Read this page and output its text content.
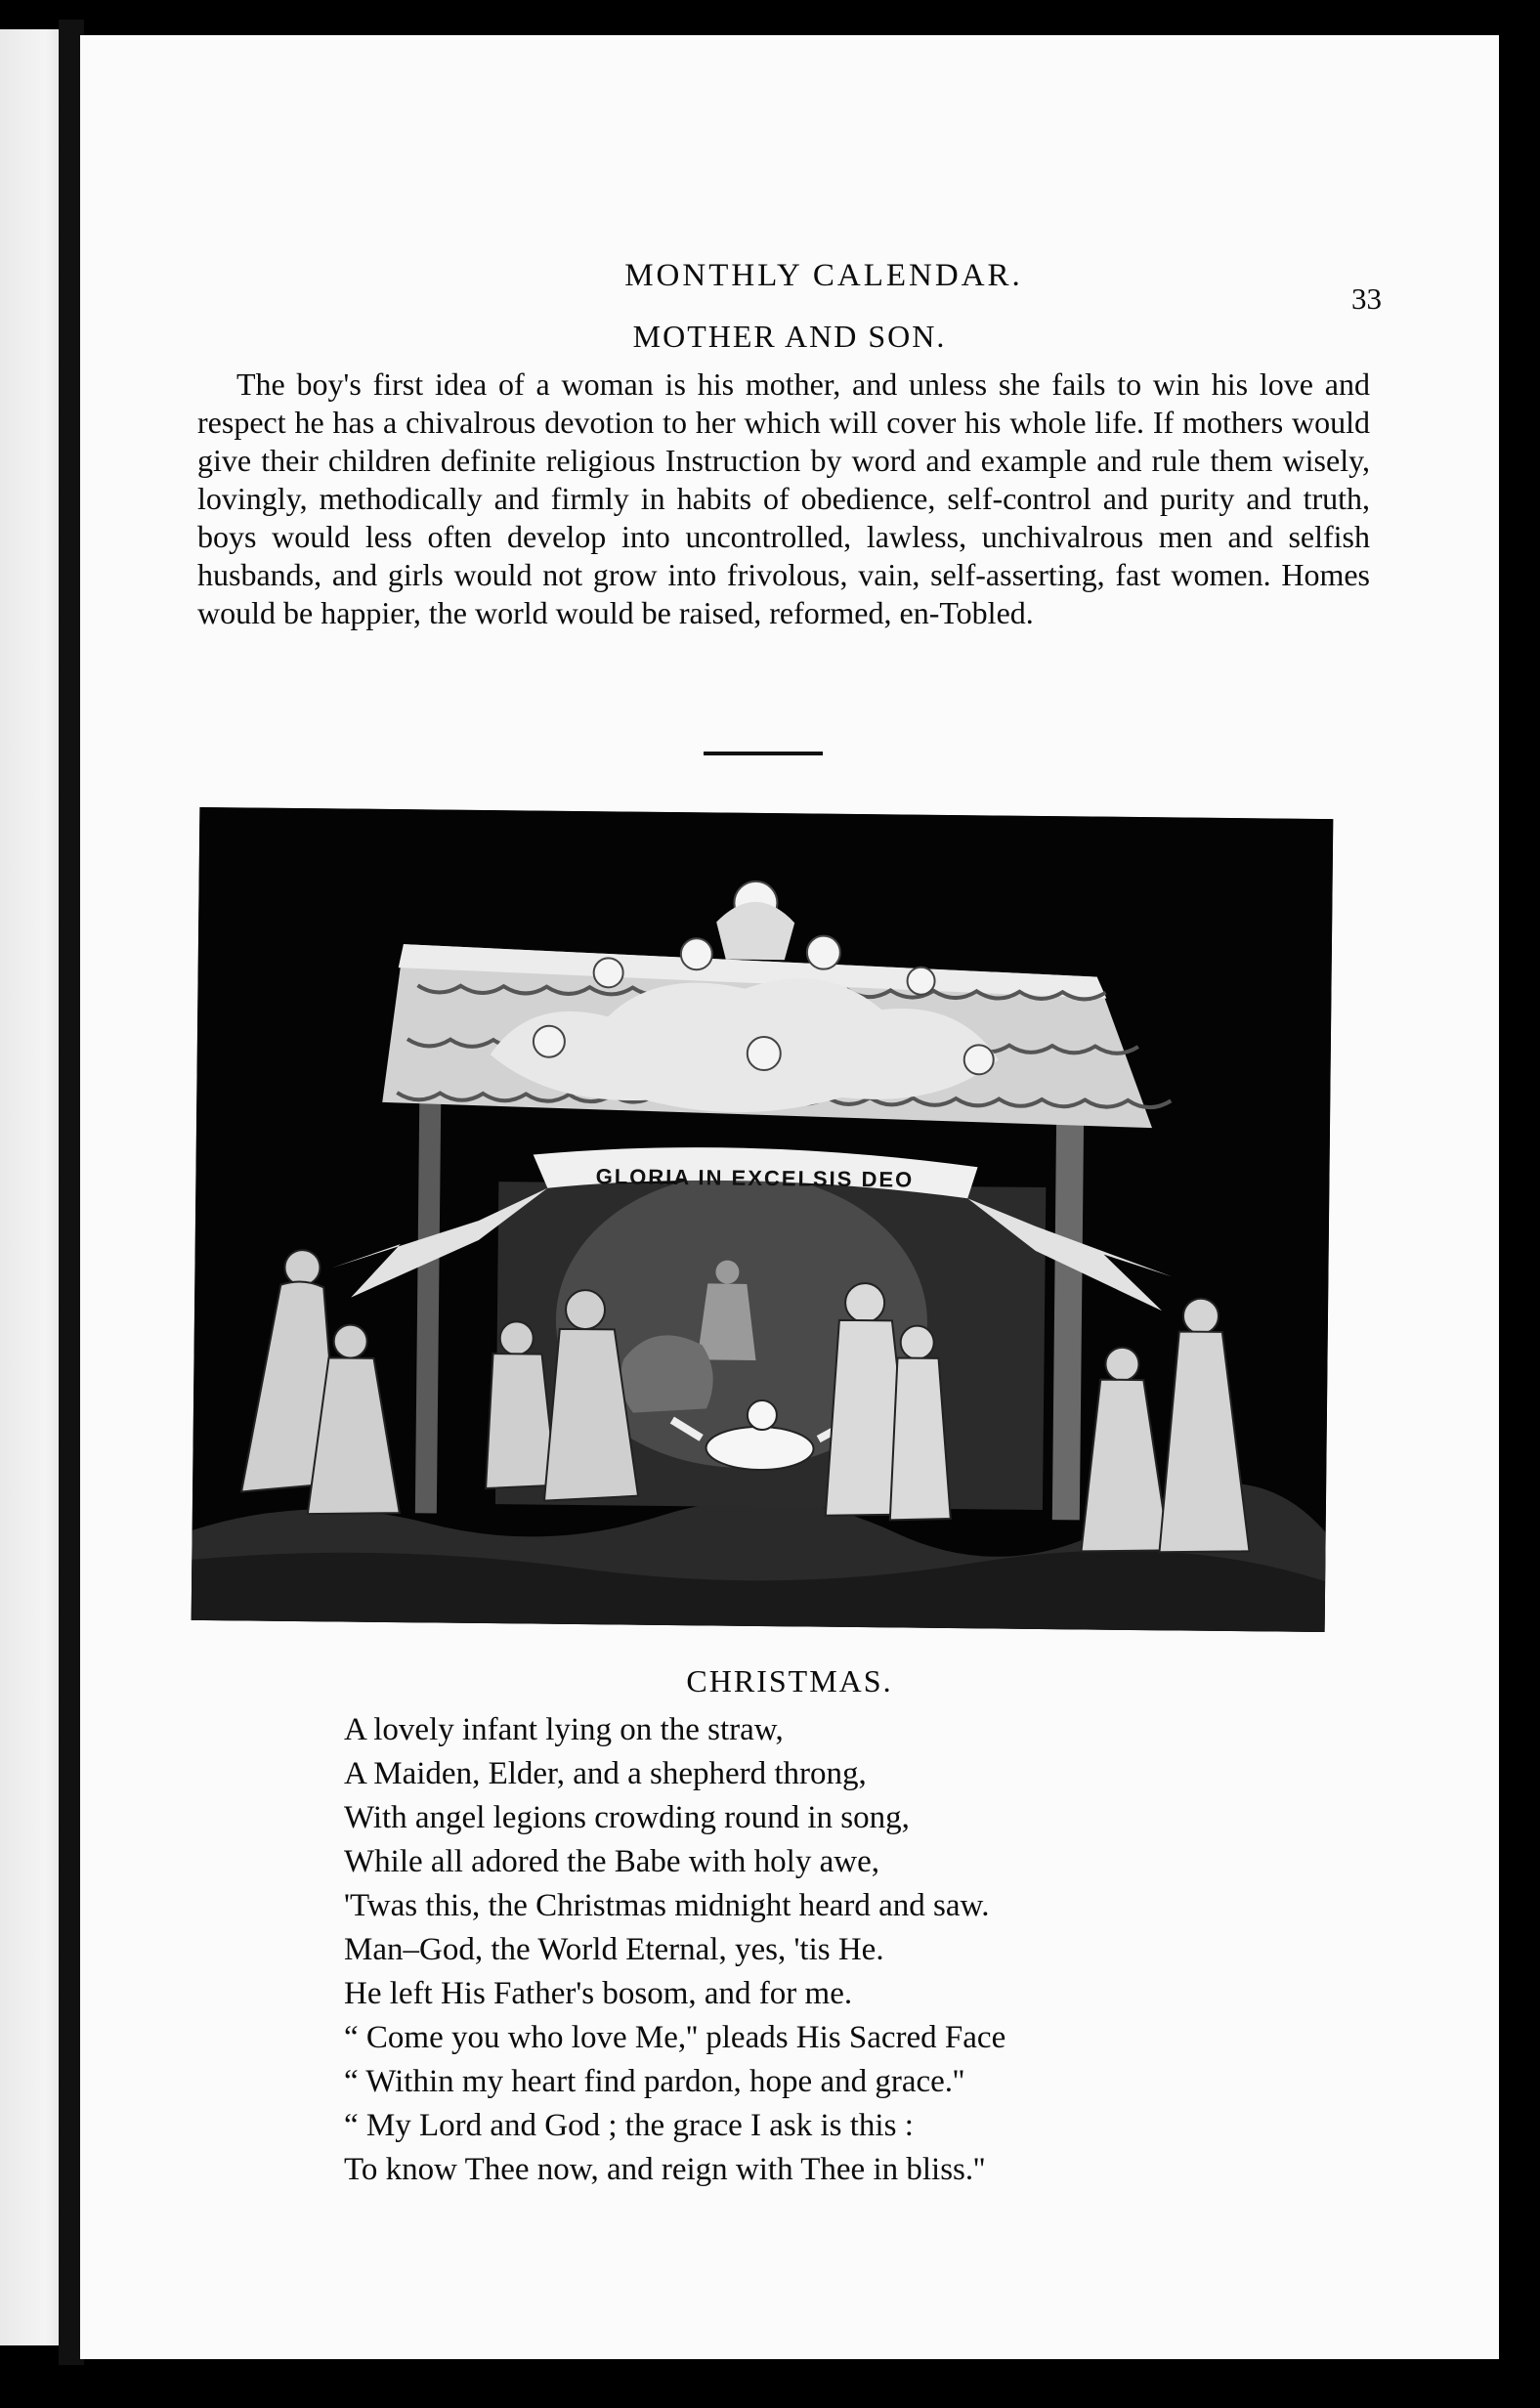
MONTHLY CALENDAR.
33
MOTHER AND SON.

The boy's first idea of a woman is his mother, and unless she fails to win his love and respect he has a chivalrous devotion to her which will cover his whole life. If mothers would give their children definite religious Instruction by word and example and rule them wisely, lovingly, methodically and firmly in habits of obedience, self-control and purity and truth, boys would less often develop into uncontrolled, lawless, unchivalrous men and selfish husbands, and girls would not grow into frivolous, vain, self-asserting, fast women. Homes would be happier, the world would be raised, reformed, en-Tobled.

GLORIA IN EXCELSIS DEO
CHRISTMAS.
A lovely infant lying on the straw,
A Maiden, Elder, and a shepherd throng,
With angel legions crowding round in song,
While all adored the Babe with holy awe,
'Twas this, the Christmas midnight heard and saw.
Man–God, the World Eternal, yes, 'tis He.
He left His Father's bosom, and for me.
“ Come you who love Me,'' pleads His Sacred Face
“ Within my heart find pardon, hope and grace.''
“ My Lord and God ; the grace I ask is this :
To know Thee now, and reign with Thee in bliss.''
